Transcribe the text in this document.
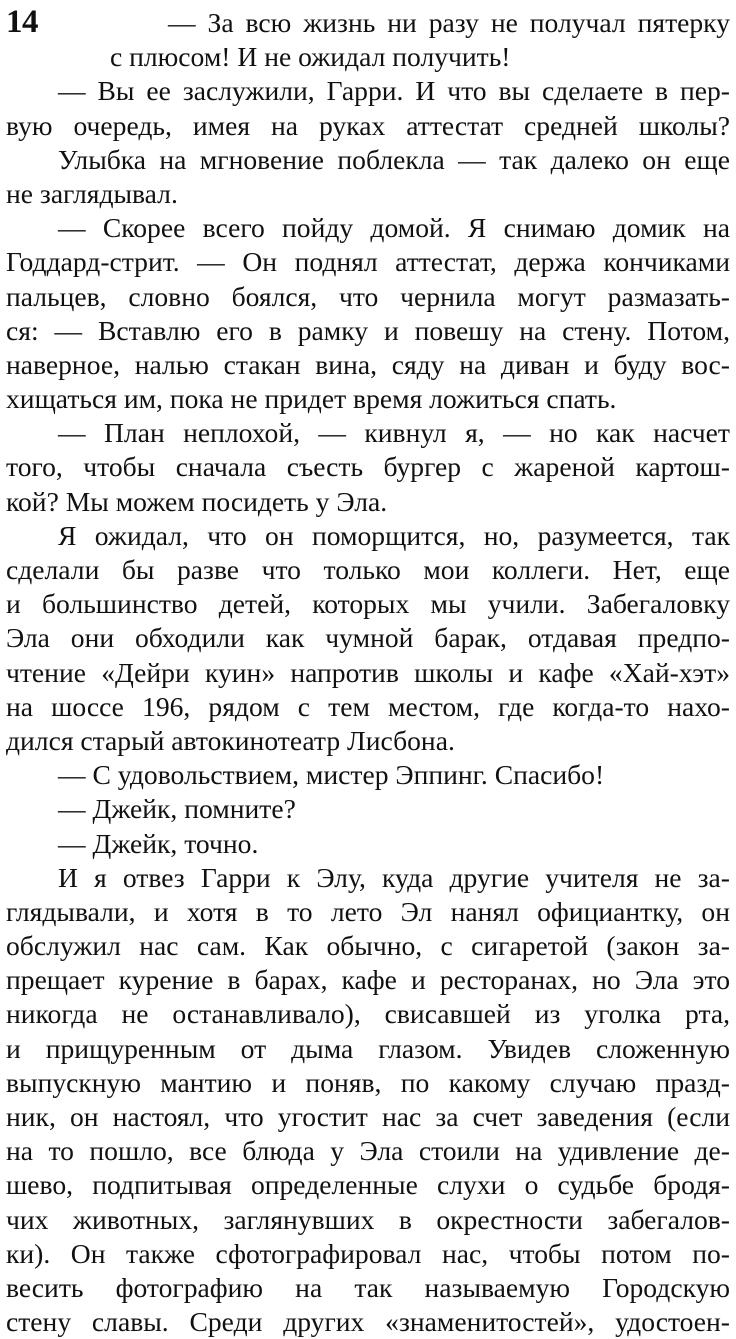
14	— За всю жизнь ни разу не получал пятерку
с плюсом! И не ожидал получить!
— Вы ее заслужили, Гарри. И что вы сделаете в пер-
вую очередь, имея на руках аттестат средней школы?
Улыбка на мгновение поблекла — так далеко он еще
не заглядывал.
— Скорее всего пойду домой. Я снимаю домик на
Годдард-стрит. — Он поднял аттестат, держа кончиками
пальцев, словно боялся, что чернила могут размазать-
ся: — Вставлю его в рамку и повешу на стену. Потом,
наверное, налью стакан вина, сяду на диван и буду вос-
хищаться им, пока не придет время ложиться спать.
— План неплохой, — кивнул я, — но как насчет
того, чтобы сначала съесть бургер с жареной картош-
кой? Мы можем посидеть у Эла.
Я ожидал, что он поморщится, но, разумеется, так
сделали бы разве что только мои коллеги. Нет, еще
и большинство детей, которых мы учили. Забегаловку
Эла они обходили как чумной барак, отдавая предпо-
чтение «Дейри куин» напротив школы и кафе «Хай-хэт»
на шоссе 196, рядом с тем местом, где когда-то нахо-
дился старый автокинотеатр Лисбона.
— С удовольствием, мистер Эппинг. Спасибо!
— Джейк, помните?
— Джейк, точно.
И я отвез Гарри к Элу, куда другие учителя не за-
глядывали, и хотя в то лето Эл нанял официантку, он
обслужил нас сам. Как обычно, с сигаретой (закон за-
прещает курение в барах, кафе и ресторанах, но Эла это
никогда не останавливало), свисавшей из уголка рта,
и прищуренным от дыма глазом. Увидев сложенную
выпускную мантию и поняв, по какому случаю празд-
ник, он настоял, что угостит нас за счет заведения (если
на то пошло, все блюда у Эла стоили на удивление де-
шево, подпитывая определенные слухи о судьбе бродя-
чих животных, заглянувших в окрестности забегалов-
ки). Он также сфотографировал нас, чтобы потом по-
весить фотографию на так называемую Городскую
стену славы. Среди других «знаменитостей», удостоен-
